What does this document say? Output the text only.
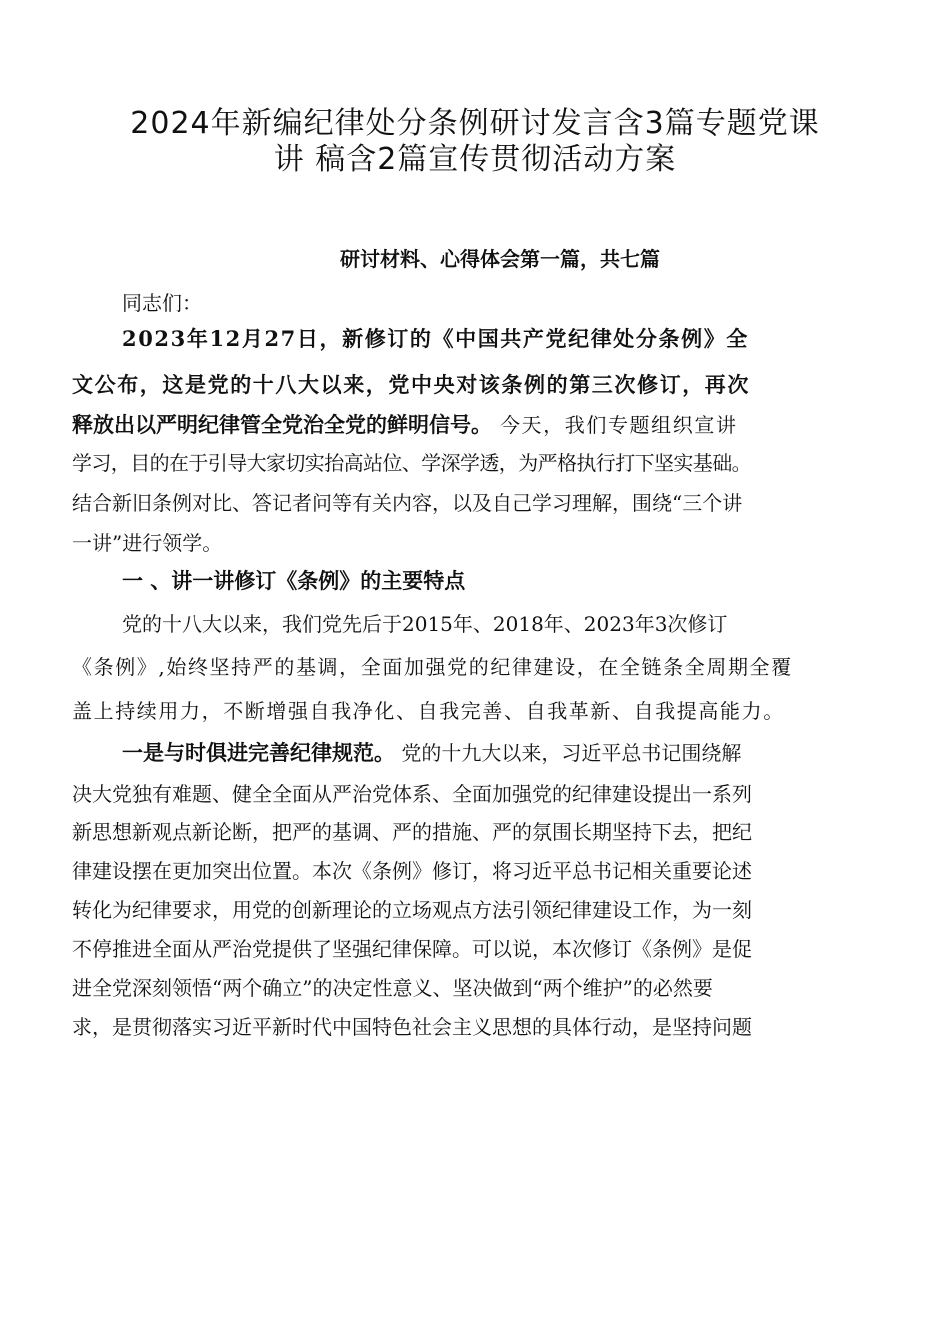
2024年新编纪律处分条例研讨发言含3篇专题党课
讲 稿含2篇宣传贯彻活动方案
研讨材料、心得体会第一篇，共七篇
同志们：
2023年12月27日，新修订的《中国共产党纪律处分条例》全
文公布，这是党的十八大以来，党中央对该条例的第三次修订，再次
释放出以严明纪律管全党治全党的鲜明信号。 今天，我们专题组织宣讲
学习，目的在于引导大家切实抬高站位、学深学透，为严格执行打下坚实基础。
结合新旧条例对比、答记者问等有关内容，以及自己学习理解，围绕“三个讲
一讲”进行领学。
一 、讲一讲修订《条例》的主要特点
党的十八大以来，我们党先后于2015年、2018年、2023年3次修订
《条例》,始终坚持严的基调，全面加强党的纪律建设，在全链条全周期全覆
盖上持续用力，不断增强自我净化、自我完善、自我革新、自我提高能力。
一是与时俱进完善纪律规范。 党的十九大以来，习近平总书记围绕解
决大党独有难题、健全全面从严治党体系、全面加强党的纪律建设提出一系列
新思想新观点新论断，把严的基调、严的措施、严的氛围长期坚持下去，把纪
律建设摆在更加突出位置。本次《条例》修订，将习近平总书记相关重要论述
转化为纪律要求，用党的创新理论的立场观点方法引领纪律建设工作，为一刻
不停推进全面从严治党提供了坚强纪律保障。可以说，本次修订《条例》是促
进全党深刻领悟“两个确立”的决定性意义、坚决做到“两个维护”的必然要
求，是贯彻落实习近平新时代中国特色社会主义思想的具体行动，是坚持问题
